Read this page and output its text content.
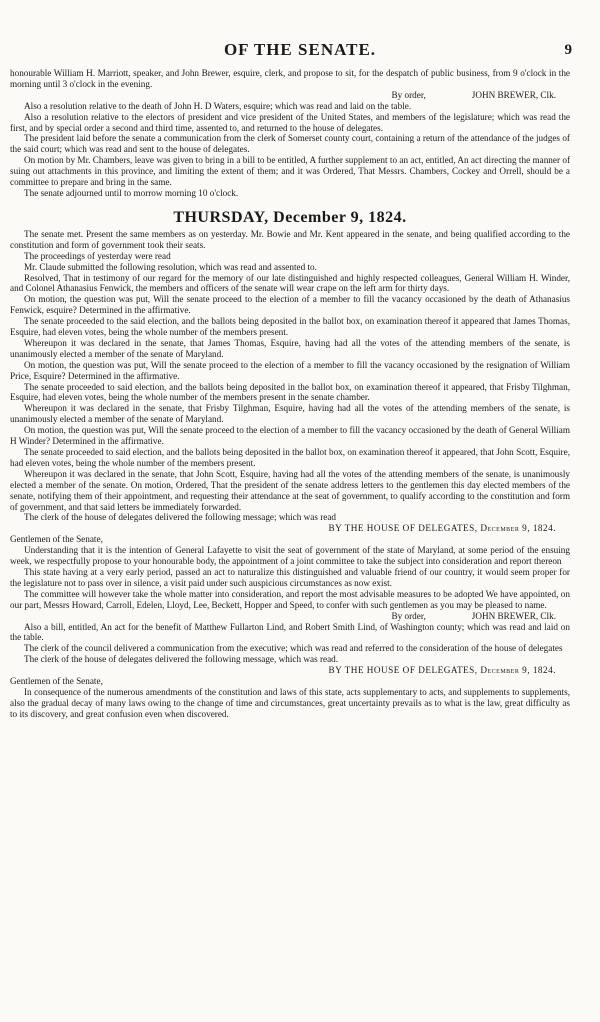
OF THE SENATE.	9

honourable William H. Marriott, speaker, and John Brewer, esquire, clerk, and propose to sit, for the despatch of public business, from 9 o'clock in the morning until 3 o'clock in the evening.

By order,                    JOHN BREWER, Clk.

Also a resolution relative to the death of John H. D Waters, esquire; which was read and laid on the table.

Also a resolution relative to the electors of president and vice president of the United States, and members of the legislature; which was read the first, and by special order a second and third time, assented to, and returned to the house of delegates.

The president laid before the senate a communication from the clerk of Somerset county court, containing a return of the attendance of the judges of the said court; which was read and sent to the house of delegates.

On motion by Mr. Chambers, leave was given to bring in a bill to be entitled, A further supplement to an act, entitled, An act directing the manner of suing out attachments in this province, and limiting the extent of them; and it was Ordered, That Messrs. Chambers, Cockey and Orrell, should be a committee to prepare and bring in the same.

The senate adjourned until to morrow morning 10 o'clock.

THURSDAY, December 9, 1824.

The senate met. Present the same members as on yesterday. Mr. Bowie and Mr. Kent appeared in the senate, and being qualified according to the constitution and form of government took their seats.

The proceedings of yesterday were read

Mr. Claude submitted the following resolution, which was read and assented to.

Resolved, That in testimony of our regard for the memory of our late distinguished and highly respected colleagues, General William H. Winder, and Colonel Athanasius Fenwick, the members and officers of the senate will wear crape on the left arm for thirty days.

On motion, the question was put, Will the senate proceed to the election of a member to fill the vacancy occasioned by the death of Athanasius Fenwick, esquire? Determined in the affirmative.

The senate proceeded to the said election, and the ballots being deposited in the ballot box, on examination thereof it appeared that James Thomas, Esquire, had eleven votes, being the whole number of the members present.

Whereupon it was declared in the senate, that James Thomas, Esquire, having had all the votes of the attending members of the senate, is unanimously elected a member of the senate of Maryland.

On motion, the question was put, Will the senate proceed to the election of a member to fill the vacancy occasioned by the resignation of William Price, Esquire? Determined in the affirmative.

The senate proceeded to said election, and the ballots being deposited in the ballot box, on examination thereof it appeared, that Frisby Tilghman, Esquire, had eleven votes, being the whole number of the members present in the senate chamber.

Whereupon it was declared in the senate, that Frisby Tilghman, Esquire, having had all the votes of the attending members of the senate, is unanimously elected a member of the senate of Maryland.

On motion, the question was put, Will the senate proceed to the election of a member to fill the vacancy occasioned by the death of General William H Winder? Determined in the affirmative.

The senate proceeded to said election, and the ballots being deposited in the ballot box, on examination thereof it appeared, that John Scott, Esquire, had eleven votes, being the whole number of the members present.

Whereupon it was declared in the senate, that John Scott, Esquire, having had all the votes of the attending members of the senate, is unanimously elected a member of the senate. On motion, Ordered, That the president of the senate address letters to the gentlemen this day elected members of the senate, notifying them of their appointment, and requesting their attendance at the seat of government, to qualify according to the constitution and form of government, and that said letters be immediately forwarded.

The clerk of the house of delegates delivered the following message; which was read

BY THE HOUSE OF DELEGATES, December 9, 1824.

Gentlemen of the Senate,

Understanding that it is the intention of General Lafayette to visit the seat of government of the state of Maryland, at some period of the ensuing week, we respectfully propose to your honourable body, the appointment of a joint committee to take the subject into consideration and report thereon

This state having at a very early period, passed an act to naturalize this distinguished and valuable friend of our country, it would seem proper for the legislature not to pass over in silence, a visit paid under such auspicious circumstances as now exist.

The committee will however take the whole matter into consideration, and report the most advisable measures to be adopted We have appointed, on our part, Messrs Howard, Carroll, Edelen, Lloyd, Lee, Beckett, Hopper and Speed, to confer with such gentlemen as you may be pleased to name.

By order,                    JOHN BREWER, Clk.

Also a bill, entitled, An act for the benefit of Matthew Fullarton Lind, and Robert Smith Lind, of Washington county; which was read and laid on the table.

The clerk of the council delivered a communication from the executive; which was read and referred to the consideration of the house of delegates

The clerk of the house of delegates delivered the following message, which was read.

BY THE HOUSE OF DELEGATES, December 9, 1824.

Gentlemen of the Senate,

In consequence of the numerous amendments of the constitution and laws of this state, acts supplementary to acts, and supplements to supplements, also the gradual decay of many laws owing to the change of time and circumstances, great uncertainty prevails as to what is the law, great difficulty as to its discovery, and great confusion even when discovered.
